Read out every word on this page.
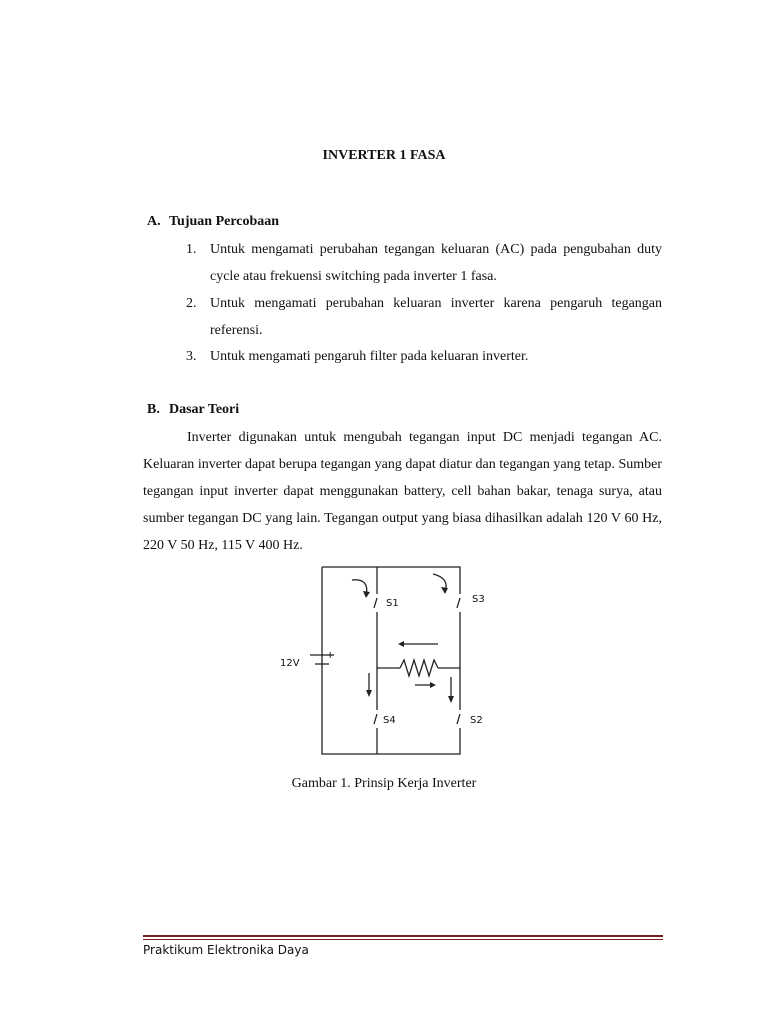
INVERTER 1 FASA
A. Tujuan Percobaan
1. Untuk mengamati perubahan tegangan keluaran (AC) pada pengubahan duty cycle atau frekuensi switching pada inverter 1 fasa.
2. Untuk mengamati perubahan keluaran inverter karena pengaruh tegangan referensi.
3. Untuk mengamati pengaruh filter pada keluaran inverter.
B. Dasar Teori
Inverter digunakan untuk mengubah tegangan input DC menjadi tegangan AC. Keluaran inverter dapat berupa tegangan yang dapat diatur dan tegangan yang tetap. Sumber tegangan input inverter dapat menggunakan battery, cell bahan bakar, tenaga surya, atau sumber tegangan DC yang lain. Tegangan output yang biasa dihasilkan adalah 120 V 60 Hz, 220 V 50 Hz, 115 V 400 Hz.
12V
+
S1	S3
S4	S2
Gambar 1. Prinsip Kerja Inverter
Praktikum Elektronika Daya
